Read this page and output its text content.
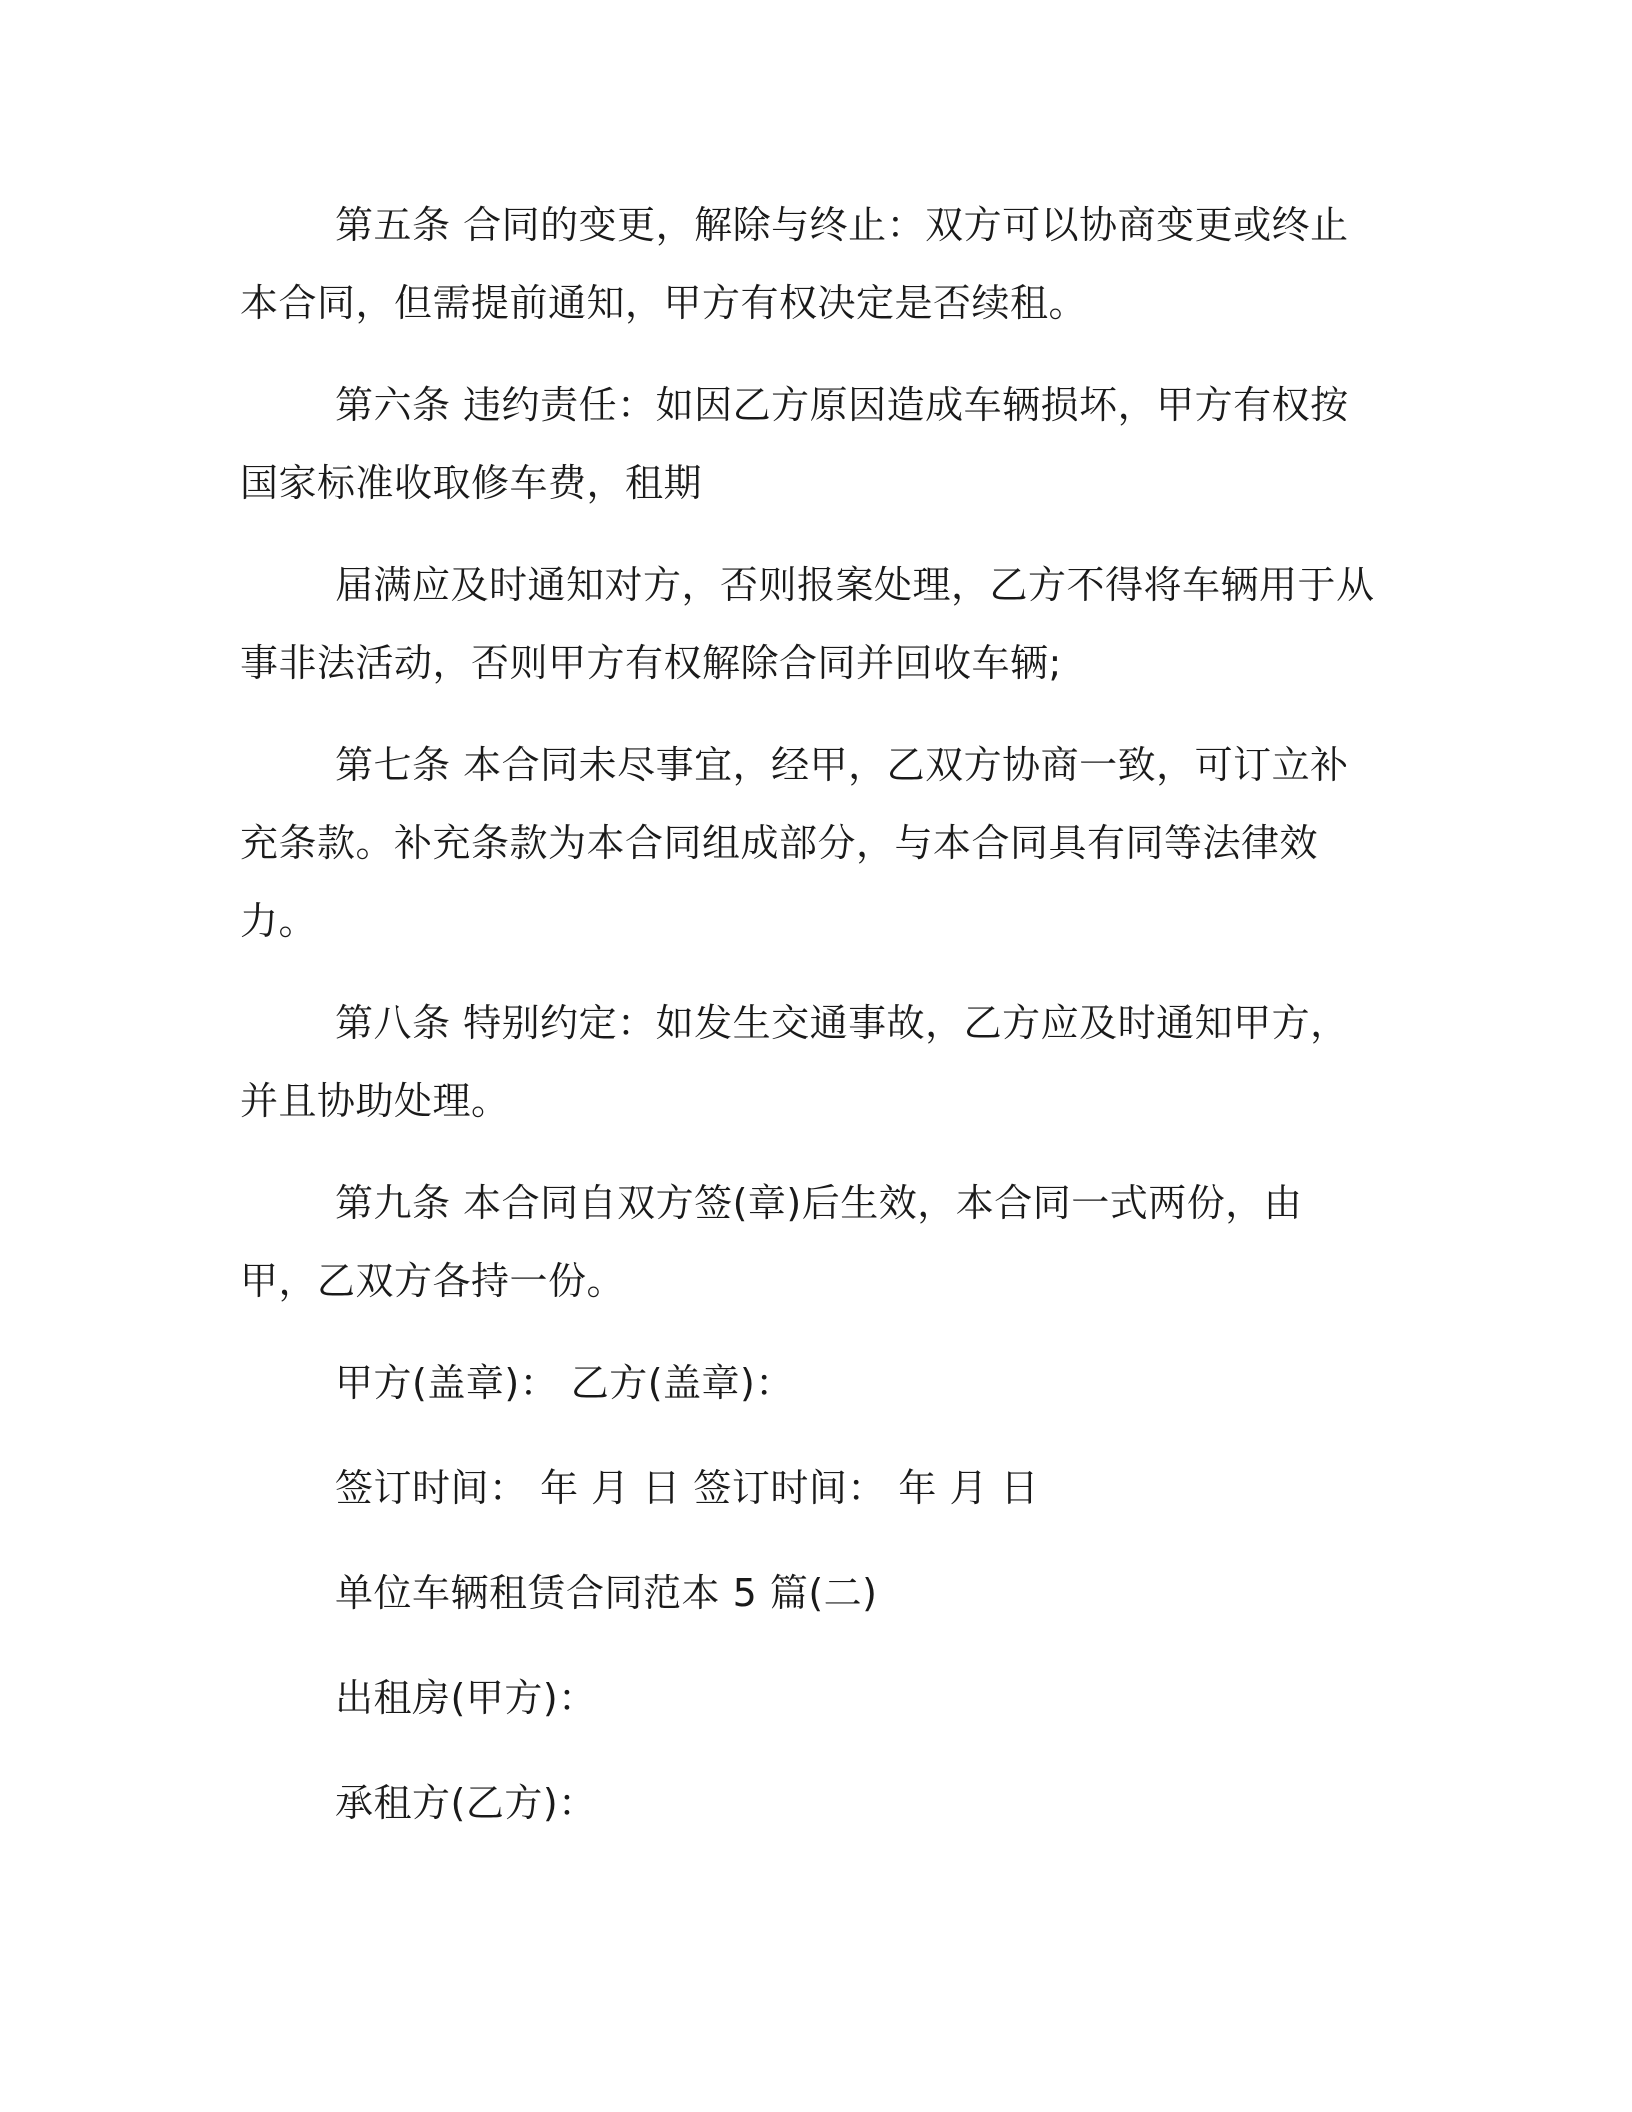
第五条 合同的变更，解除与终止：双方可以协商变更或终止本合同，但需提前通知，甲方有权决定是否续租。

第六条 违约责任：如因乙方原因造成车辆损坏，甲方有权按国家标准收取修车费，租期

届满应及时通知对方，否则报案处理，乙方不得将车辆用于从事非法活动，否则甲方有权解除合同并回收车辆;

第七条 本合同未尽事宜，经甲，乙双方协商一致，可订立补充条款。补充条款为本合同组成部分，与本合同具有同等法律效力。

第八条 特别约定：如发生交通事故，乙方应及时通知甲方，并且协助处理。

第九条 本合同自双方签(章)后生效，本合同一式两份，由甲，乙双方各持一份。

甲方(盖章)： 乙方(盖章)：

签订时间： 年 月 日 签订时间： 年 月 日

单位车辆租赁合同范本 5 篇(二)

出租房(甲方)：

承租方(乙方)：
